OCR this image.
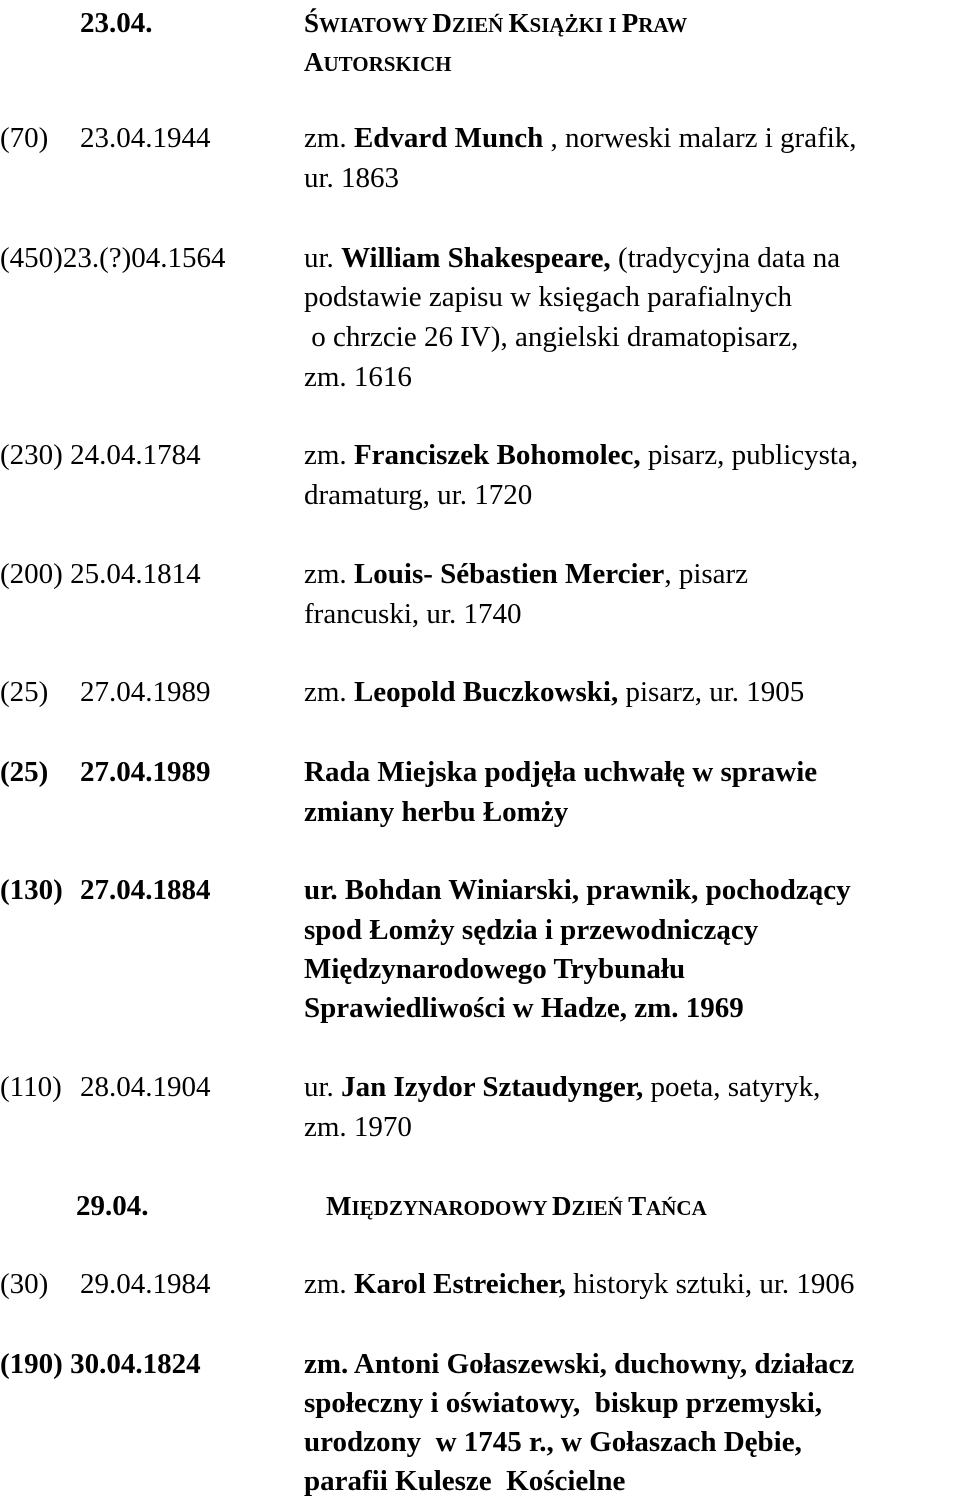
23.04.	ŚWIATOWY DZIEŃ KSIĄŻKI I PRAW
AUTORSKICH
(70) 23.04.1944	zm. Edvard Munch , norweski malarz i grafik,
ur. 1863
(450)23.(?)04.1564	ur. William Shakespeare, (tradycyjna data na
podstawie zapisu w księgach parafialnych
o chrzcie 26 IV), angielski dramatopisarz,
zm. 1616
(230) 24.04.1784	zm. Franciszek Bohomolec, pisarz, publicysta,
dramaturg, ur. 1720
(200) 25.04.1814	zm. Louis- Sébastien Mercier, pisarz
francuski, ur. 1740
(25) 27.04.1989	zm. Leopold Buczkowski, pisarz, ur. 1905
(25) 27.04.1989	Rada Miejska podjęła uchwałę w sprawie
zmiany herbu Łomży
(130) 27.04.1884	ur. Bohdan Winiarski, prawnik, pochodzący
spod Łomży sędzia i przewodniczący
Międzynarodowego Trybunału
Sprawiedliwości w Hadze, zm. 1969
(110) 28.04.1904	ur. Jan Izydor Sztaudynger, poeta, satyryk,
zm. 1970
29.04.	MIĘDZYNARODOWY DZIEŃ TAŃCA
(30) 29.04.1984	zm. Karol Estreicher, historyk sztuki, ur. 1906
(190) 30.04.1824	zm. Antoni Gołaszewski, duchowny, działacz
społeczny i oświatowy,  biskup przemyski,
urodzony  w 1745 r., w Gołaszach Dębie,
parafii Kulesze  Kościelne
